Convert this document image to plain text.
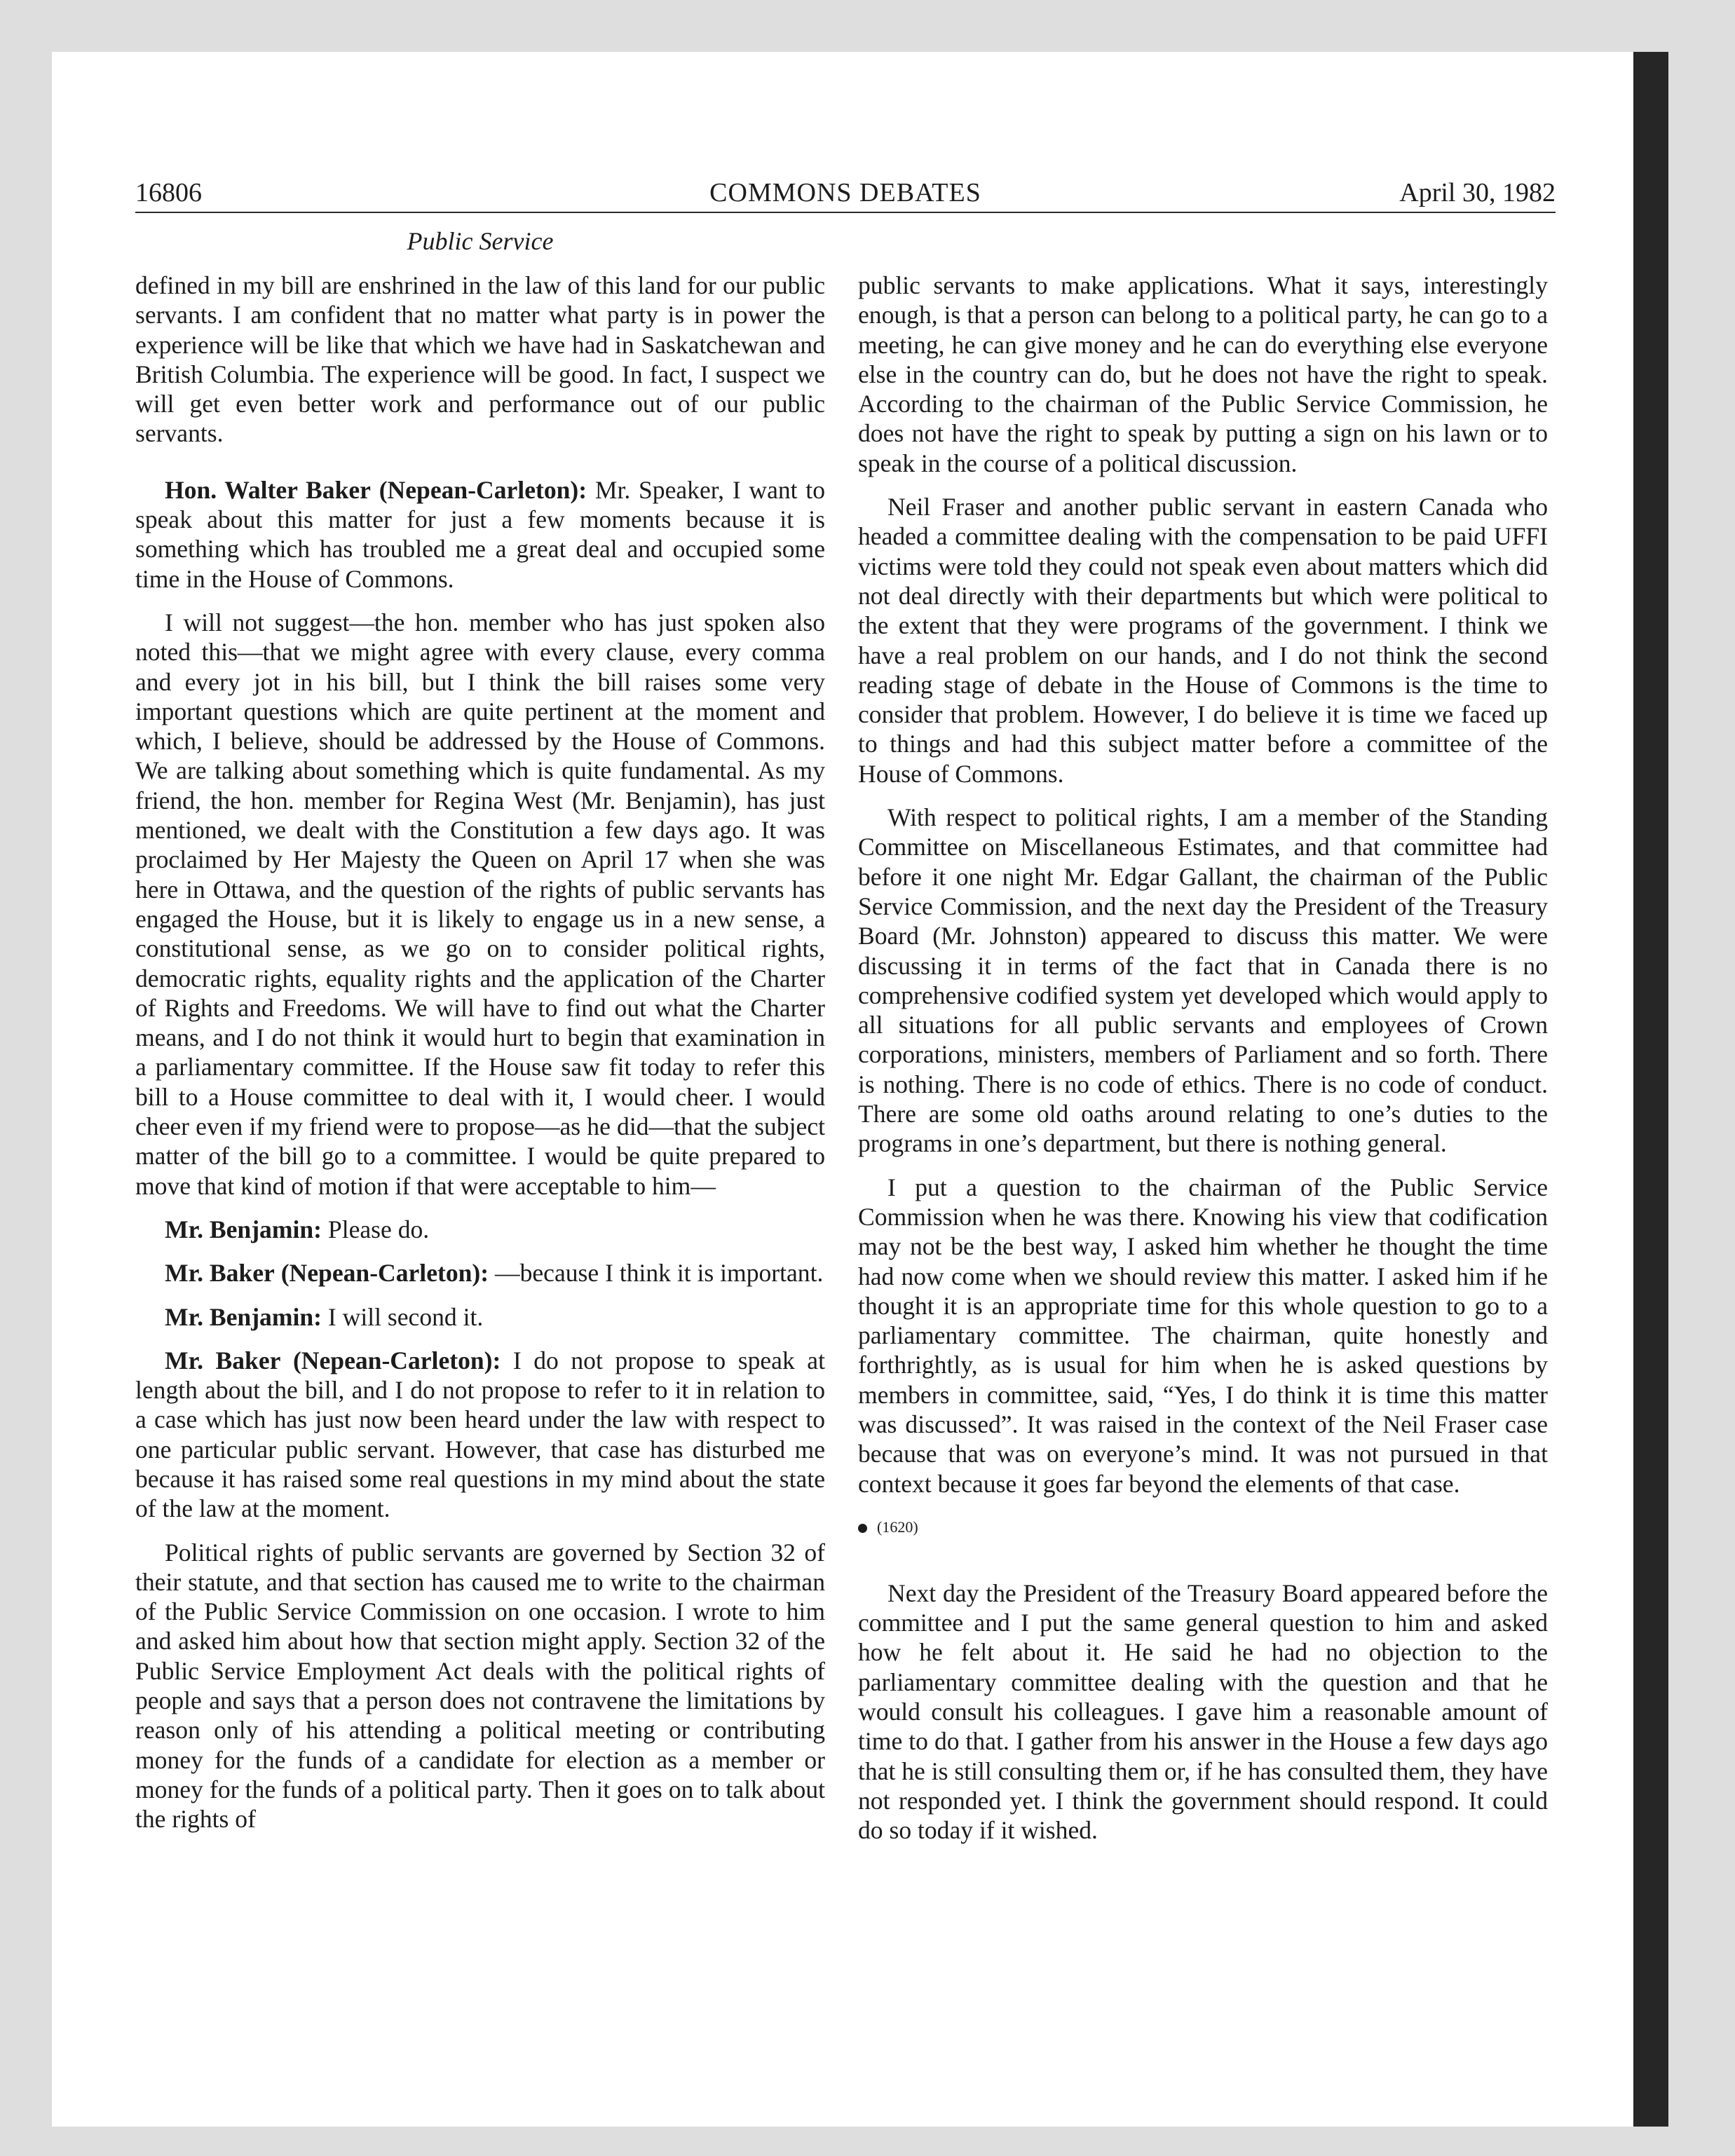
16806	COMMONS DEBATES	April 30, 1982
Public Service

defined in my bill are enshrined in the law of this land for our public servants. I am confident that no matter what party is in power the experience will be like that which we have had in Saskatchewan and British Columbia. The experience will be good. In fact, I suspect we will get even better work and performance out of our public servants.

Hon. Walter Baker (Nepean-Carleton): Mr. Speaker, I want to speak about this matter for just a few moments because it is something which has troubled me a great deal and occupied some time in the House of Commons.

I will not suggest—the hon. member who has just spoken also noted this—that we might agree with every clause, every comma and every jot in his bill, but I think the bill raises some very important questions which are quite pertinent at the moment and which, I believe, should be addressed by the House of Commons. We are talking about something which is quite fundamental. As my friend, the hon. member for Regina West (Mr. Benjamin), has just mentioned, we dealt with the Constitution a few days ago. It was proclaimed by Her Majesty the Queen on April 17 when she was here in Ottawa, and the question of the rights of public servants has engaged the House, but it is likely to engage us in a new sense, a constitutional sense, as we go on to consider political rights, democratic rights, equality rights and the application of the Charter of Rights and Freedoms. We will have to find out what the Charter means, and I do not think it would hurt to begin that examination in a parliamentary committee. If the House saw fit today to refer this bill to a House committee to deal with it, I would cheer. I would cheer even if my friend were to propose—as he did—that the subject matter of the bill go to a committee. I would be quite prepared to move that kind of motion if that were acceptable to him—

Mr. Benjamin: Please do.

Mr. Baker (Nepean-Carleton): —because I think it is important.

Mr. Benjamin: I will second it.

Mr. Baker (Nepean-Carleton): I do not propose to speak at length about the bill, and I do not propose to refer to it in relation to a case which has just now been heard under the law with respect to one particular public servant. However, that case has disturbed me because it has raised some real questions in my mind about the state of the law at the moment.

Political rights of public servants are governed by Section 32 of their statute, and that section has caused me to write to the chairman of the Public Service Commission on one occasion. I wrote to him and asked him about how that section might apply. Section 32 of the Public Service Employment Act deals with the political rights of people and says that a person does not contravene the limitations by reason only of his attending a political meeting or contributing money for the funds of a candidate for election as a member or money for the funds of a political party. Then it goes on to talk about the rights of

public servants to make applications. What it says, interestingly enough, is that a person can belong to a political party, he can go to a meeting, he can give money and he can do everything else everyone else in the country can do, but he does not have the right to speak. According to the chairman of the Public Service Commission, he does not have the right to speak by putting a sign on his lawn or to speak in the course of a political discussion.

Neil Fraser and another public servant in eastern Canada who headed a committee dealing with the compensation to be paid UFFI victims were told they could not speak even about matters which did not deal directly with their departments but which were political to the extent that they were programs of the government. I think we have a real problem on our hands, and I do not think the second reading stage of debate in the House of Commons is the time to consider that problem. However, I do believe it is time we faced up to things and had this subject matter before a committee of the House of Commons.

With respect to political rights, I am a member of the Standing Committee on Miscellaneous Estimates, and that committee had before it one night Mr. Edgar Gallant, the chairman of the Public Service Commission, and the next day the President of the Treasury Board (Mr. Johnston) appeared to discuss this matter. We were discussing it in terms of the fact that in Canada there is no comprehensive codified system yet developed which would apply to all situations for all public servants and employees of Crown corporations, ministers, members of Parliament and so forth. There is nothing. There is no code of ethics. There is no code of conduct. There are some old oaths around relating to one’s duties to the programs in one’s department, but there is nothing general.

I put a question to the chairman of the Public Service Commission when he was there. Knowing his view that codification may not be the best way, I asked him whether he thought the time had now come when we should review this matter. I asked him if he thought it is an appropriate time for this whole question to go to a parliamentary committee. The chairman, quite honestly and forthrightly, as is usual for him when he is asked questions by members in committee, said, “Yes, I do think it is time this matter was discussed”. It was raised in the context of the Neil Fraser case because that was on everyone’s mind. It was not pursued in that context because it goes far beyond the elements of that case.

(1620)

Next day the President of the Treasury Board appeared before the committee and I put the same general question to him and asked how he felt about it. He said he had no objection to the parliamentary committee dealing with the question and that he would consult his colleagues. I gave him a reasonable amount of time to do that. I gather from his answer in the House a few days ago that he is still consulting them or, if he has consulted them, they have not responded yet. I think the government should respond. It could do so today if it wished.
